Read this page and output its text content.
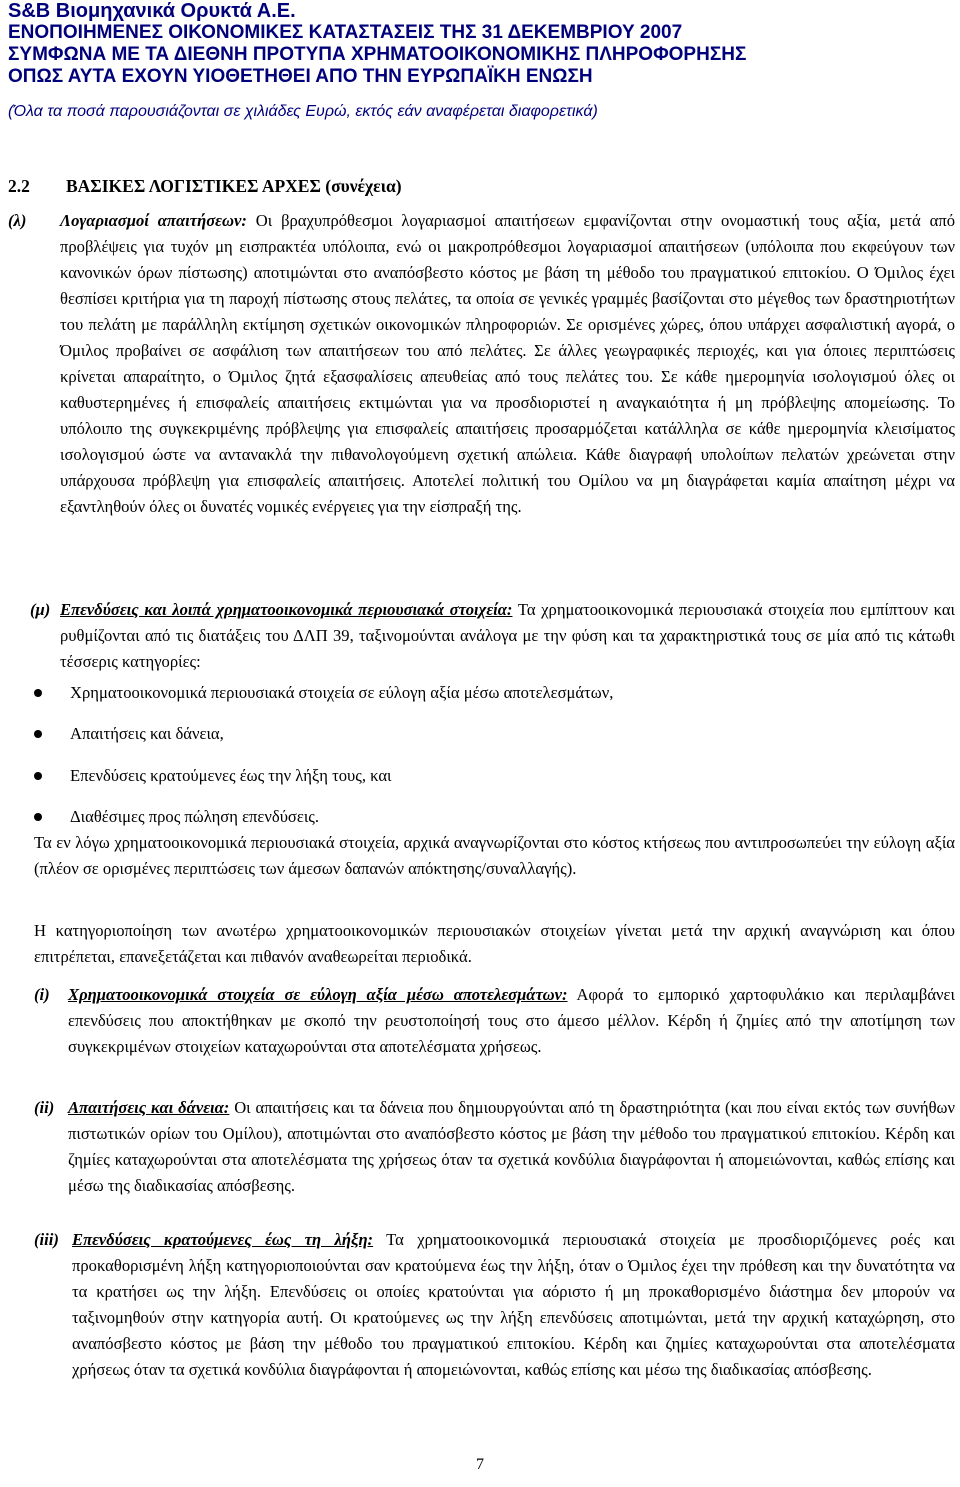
S&B Βιομηχανικά Ορυκτά Α.Ε.
ΕΝΟΠΟΙΗΜΕΝΕΣ ΟΙΚΟΝΟΜΙΚΕΣ ΚΑΤΑΣΤΑΣΕΙΣ ΤΗΣ 31 ΔΕΚΕΜΒΡΙΟΥ 2007
ΣΥΜΦΩΝΑ ΜΕ ΤΑ ΔΙΕΘΝΗ ΠΡΟΤΥΠΑ ΧΡΗΜΑΤΟΟΙΚΟΝΟΜΙΚΗΣ ΠΛΗΡΟΦΟΡΗΣΗΣ
ΟΠΩΣ ΑΥΤΑ ΕΧΟΥΝ ΥΙΟΘΕΤΗΘΕΙ ΑΠΟ ΤΗΝ ΕΥΡΩΠΑΪΚΗ ΕΝΩΣΗ
(Όλα τα ποσά παρουσιάζονται σε χιλιάδες Ευρώ, εκτός εάν αναφέρεται διαφορετικά)
2.2 ΒΑΣΙΚΕΣ ΛΟΓΙΣΤΙΚΕΣ ΑΡΧΕΣ (συνέχεια)
(λ) Λογαριασμοί απαιτήσεων: Οι βραχυπρόθεσμοι λογαριασμοί απαιτήσεων εμφανίζονται στην ονομαστική τους αξία, μετά από προβλέψεις για τυχόν μη εισπρακτέα υπόλοιπα, ενώ οι μακροπρόθεσμοι λογαριασμοί απαιτήσεων (υπόλοιπα που εκφεύγουν των κανονικών όρων πίστωσης) αποτιμώνται στο αναπόσβεστο κόστος με βάση τη μέθοδο του πραγματικού επιτοκίου. Ο Όμιλος έχει θεσπίσει κριτήρια για τη παροχή πίστωσης στους πελάτες, τα οποία σε γενικές γραμμές βασίζονται στο μέγεθος των δραστηριοτήτων του πελάτη με παράλληλη εκτίμηση σχετικών οικονομικών πληροφοριών. Σε ορισμένες χώρες, όπου υπάρχει ασφαλιστική αγορά, ο Όμιλος προβαίνει σε ασφάλιση των απαιτήσεων του από πελάτες. Σε άλλες γεωγραφικές περιοχές, και για όποιες περιπτώσεις κρίνεται απαραίτητο, ο Όμιλος ζητά εξασφαλίσεις απευθείας από τους πελάτες του. Σε κάθε ημερομηνία ισολογισμού όλες οι καθυστερημένες ή επισφαλείς απαιτήσεις εκτιμώνται για να προσδιοριστεί η αναγκαιότητα ή μη πρόβλεψης απομείωσης. Το υπόλοιπο της συγκεκριμένης πρόβλεψης για επισφαλείς απαιτήσεις προσαρμόζεται κατάλληλα σε κάθε ημερομηνία κλεισίματος ισολογισμού ώστε να αντανακλά την πιθανολογούμενη σχετική απώλεια. Κάθε διαγραφή υπολοίπων πελατών χρεώνεται στην υπάρχουσα πρόβλεψη για επισφαλείς απαιτήσεις. Αποτελεί πολιτική του Ομίλου να μη διαγράφεται καμία απαίτηση μέχρι να εξαντληθούν όλες οι δυνατές νομικές ενέργειες για την είσπραξή της.
(μ) Επενδύσεις και λοιπά χρηματοοικονομικά περιουσιακά στοιχεία: Τα χρηματοοικονομικά περιουσιακά στοιχεία που εμπίπτουν και ρυθμίζονται από τις διατάξεις του ΔΛΠ 39, ταξινομούνται ανάλογα με την φύση και τα χαρακτηριστικά τους σε μία από τις κάτωθι τέσσερις κατηγορίες:
Χρηματοοικονομικά περιουσιακά στοιχεία σε εύλογη αξία μέσω αποτελεσμάτων,
Απαιτήσεις και δάνεια,
Επενδύσεις κρατούμενες έως την λήξη τους, και
Διαθέσιμες προς πώληση επενδύσεις.
Τα εν λόγω χρηματοοικονομικά περιουσιακά στοιχεία, αρχικά αναγνωρίζονται στο κόστος κτήσεως που αντιπροσωπεύει την εύλογη αξία (πλέον σε ορισμένες περιπτώσεις των άμεσων δαπανών απόκτησης/συναλλαγής).
Η κατηγοριοποίηση των ανωτέρω χρηματοοικονομικών περιουσιακών στοιχείων γίνεται μετά την αρχική αναγνώριση και όπου επιτρέπεται, επανεξετάζεται και πιθανόν αναθεωρείται περιοδικά.
(i) Χρηματοοικονομικά στοιχεία σε εύλογη αξία μέσω αποτελεσμάτων: Αφορά το εμπορικό χαρτοφυλάκιο και περιλαμβάνει επενδύσεις που αποκτήθηκαν με σκοπό την ρευστοποίησή τους στο άμεσο μέλλον. Κέρδη ή ζημίες από την αποτίμηση των συγκεκριμένων στοιχείων καταχωρούνται στα αποτελέσματα χρήσεως.
(ii) Απαιτήσεις και δάνεια: Οι απαιτήσεις και τα δάνεια που δημιουργούνται από τη δραστηριότητα (και που είναι εκτός των συνήθων πιστωτικών ορίων του Ομίλου), αποτιμώνται στο αναπόσβεστο κόστος με βάση την μέθοδο του πραγματικού επιτοκίου. Κέρδη και ζημίες καταχωρούνται στα αποτελέσματα της χρήσεως όταν τα σχετικά κονδύλια διαγράφονται ή απομειώνονται, καθώς επίσης και μέσω της διαδικασίας απόσβεσης.
(iii) Επενδύσεις κρατούμενες έως τη λήξη: Τα χρηματοοικονομικά περιουσιακά στοιχεία με προσδιοριζόμενες ροές και προκαθορισμένη λήξη κατηγοριοποιούνται σαν κρατούμενα έως την λήξη, όταν ο Όμιλος έχει την πρόθεση και την δυνατότητα να τα κρατήσει ως την λήξη. Επενδύσεις οι οποίες κρατούνται για αόριστο ή μη προκαθορισμένο διάστημα δεν μπορούν να ταξινομηθούν στην κατηγορία αυτή. Οι κρατούμενες ως την λήξη επενδύσεις αποτιμώνται, μετά την αρχική καταχώρηση, στο αναπόσβεστο κόστος με βάση την μέθοδο του πραγματικού επιτοκίου. Κέρδη και ζημίες καταχωρούνται στα αποτελέσματα χρήσεως όταν τα σχετικά κονδύλια διαγράφονται ή απομειώνονται, καθώς επίσης και μέσω της διαδικασίας απόσβεσης.
7
